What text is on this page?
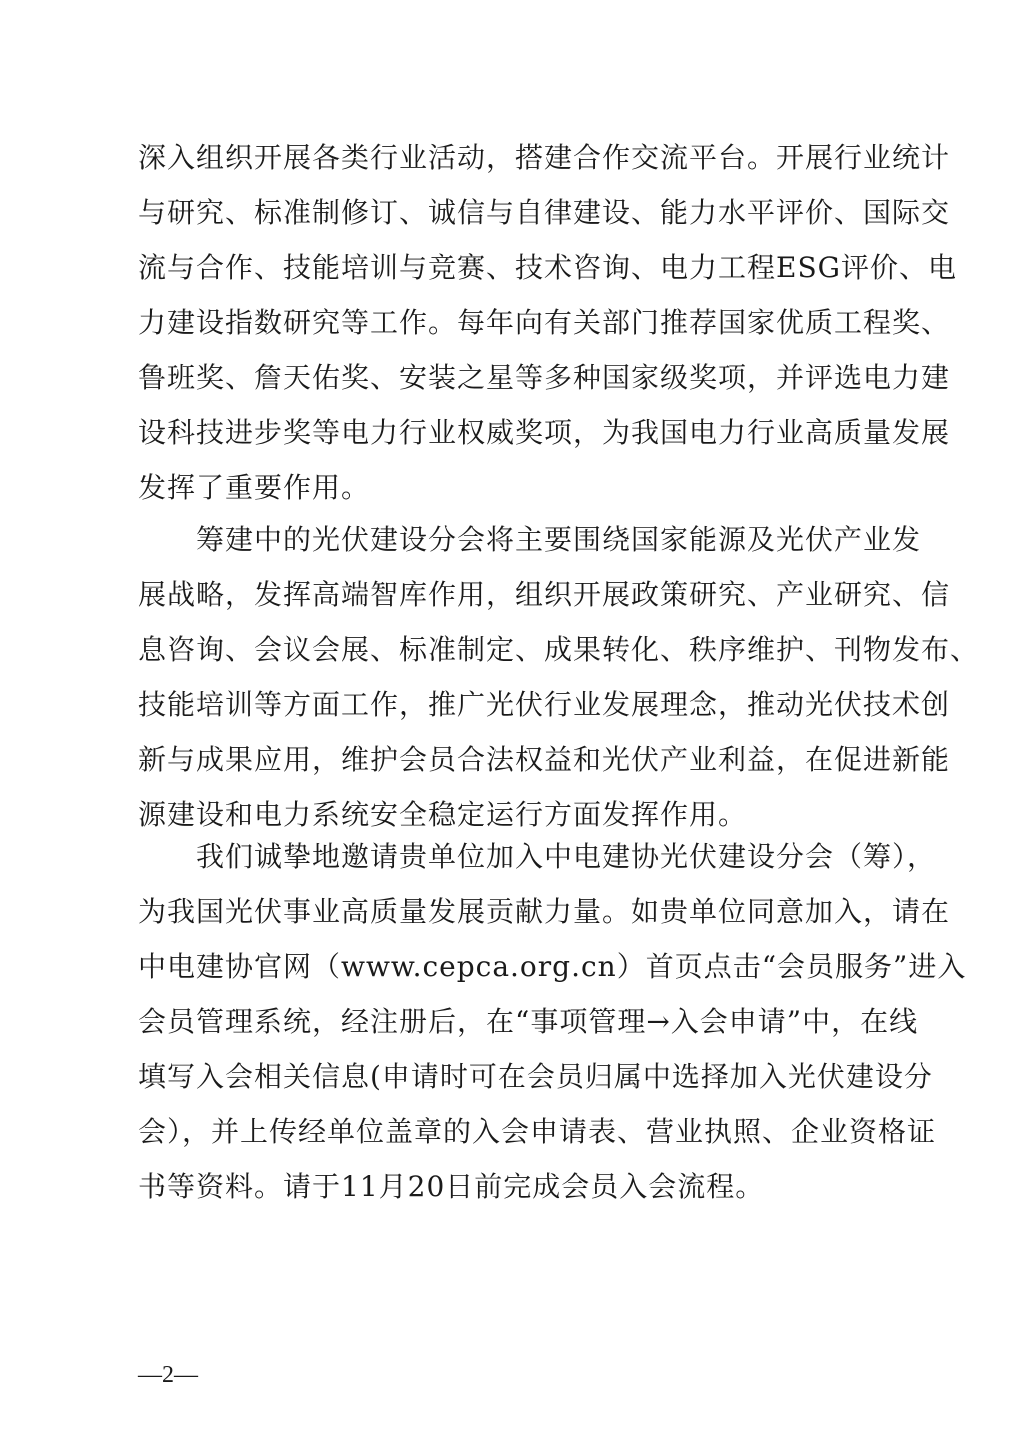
深入组织开展各类行业活动，搭建合作交流平台。开展行业统计
与研究、标准制修订、诚信与自律建设、能力水平评价、国际交
流与合作、技能培训与竞赛、技术咨询、电力工程ESG评价、电
力建设指数研究等工作。每年向有关部门推荐国家优质工程奖、
鲁班奖、詹天佑奖、安装之星等多种国家级奖项，并评选电力建
设科技进步奖等电力行业权威奖项，为我国电力行业高质量发展
发挥了重要作用。
　　筹建中的光伏建设分会将主要围绕国家能源及光伏产业发
展战略，发挥高端智库作用，组织开展政策研究、产业研究、信
息咨询、会议会展、标准制定、成果转化、秩序维护、刊物发布、
技能培训等方面工作，推广光伏行业发展理念，推动光伏技术创
新与成果应用，维护会员合法权益和光伏产业利益，在促进新能
源建设和电力系统安全稳定运行方面发挥作用。
　　我们诚挚地邀请贵单位加入中电建协光伏建设分会（筹），
为我国光伏事业高质量发展贡献力量。如贵单位同意加入，请在
中电建协官网（www.cepca.org.cn）首页点击“会员服务”进入
会员管理系统，经注册后，在“事项管理→入会申请”中，在线
填写入会相关信息(申请时可在会员归属中选择加入光伏建设分
会），并上传经单位盖章的入会申请表、营业执照、企业资格证
书等资料。请于11月20日前完成会员入会流程。
—2—
